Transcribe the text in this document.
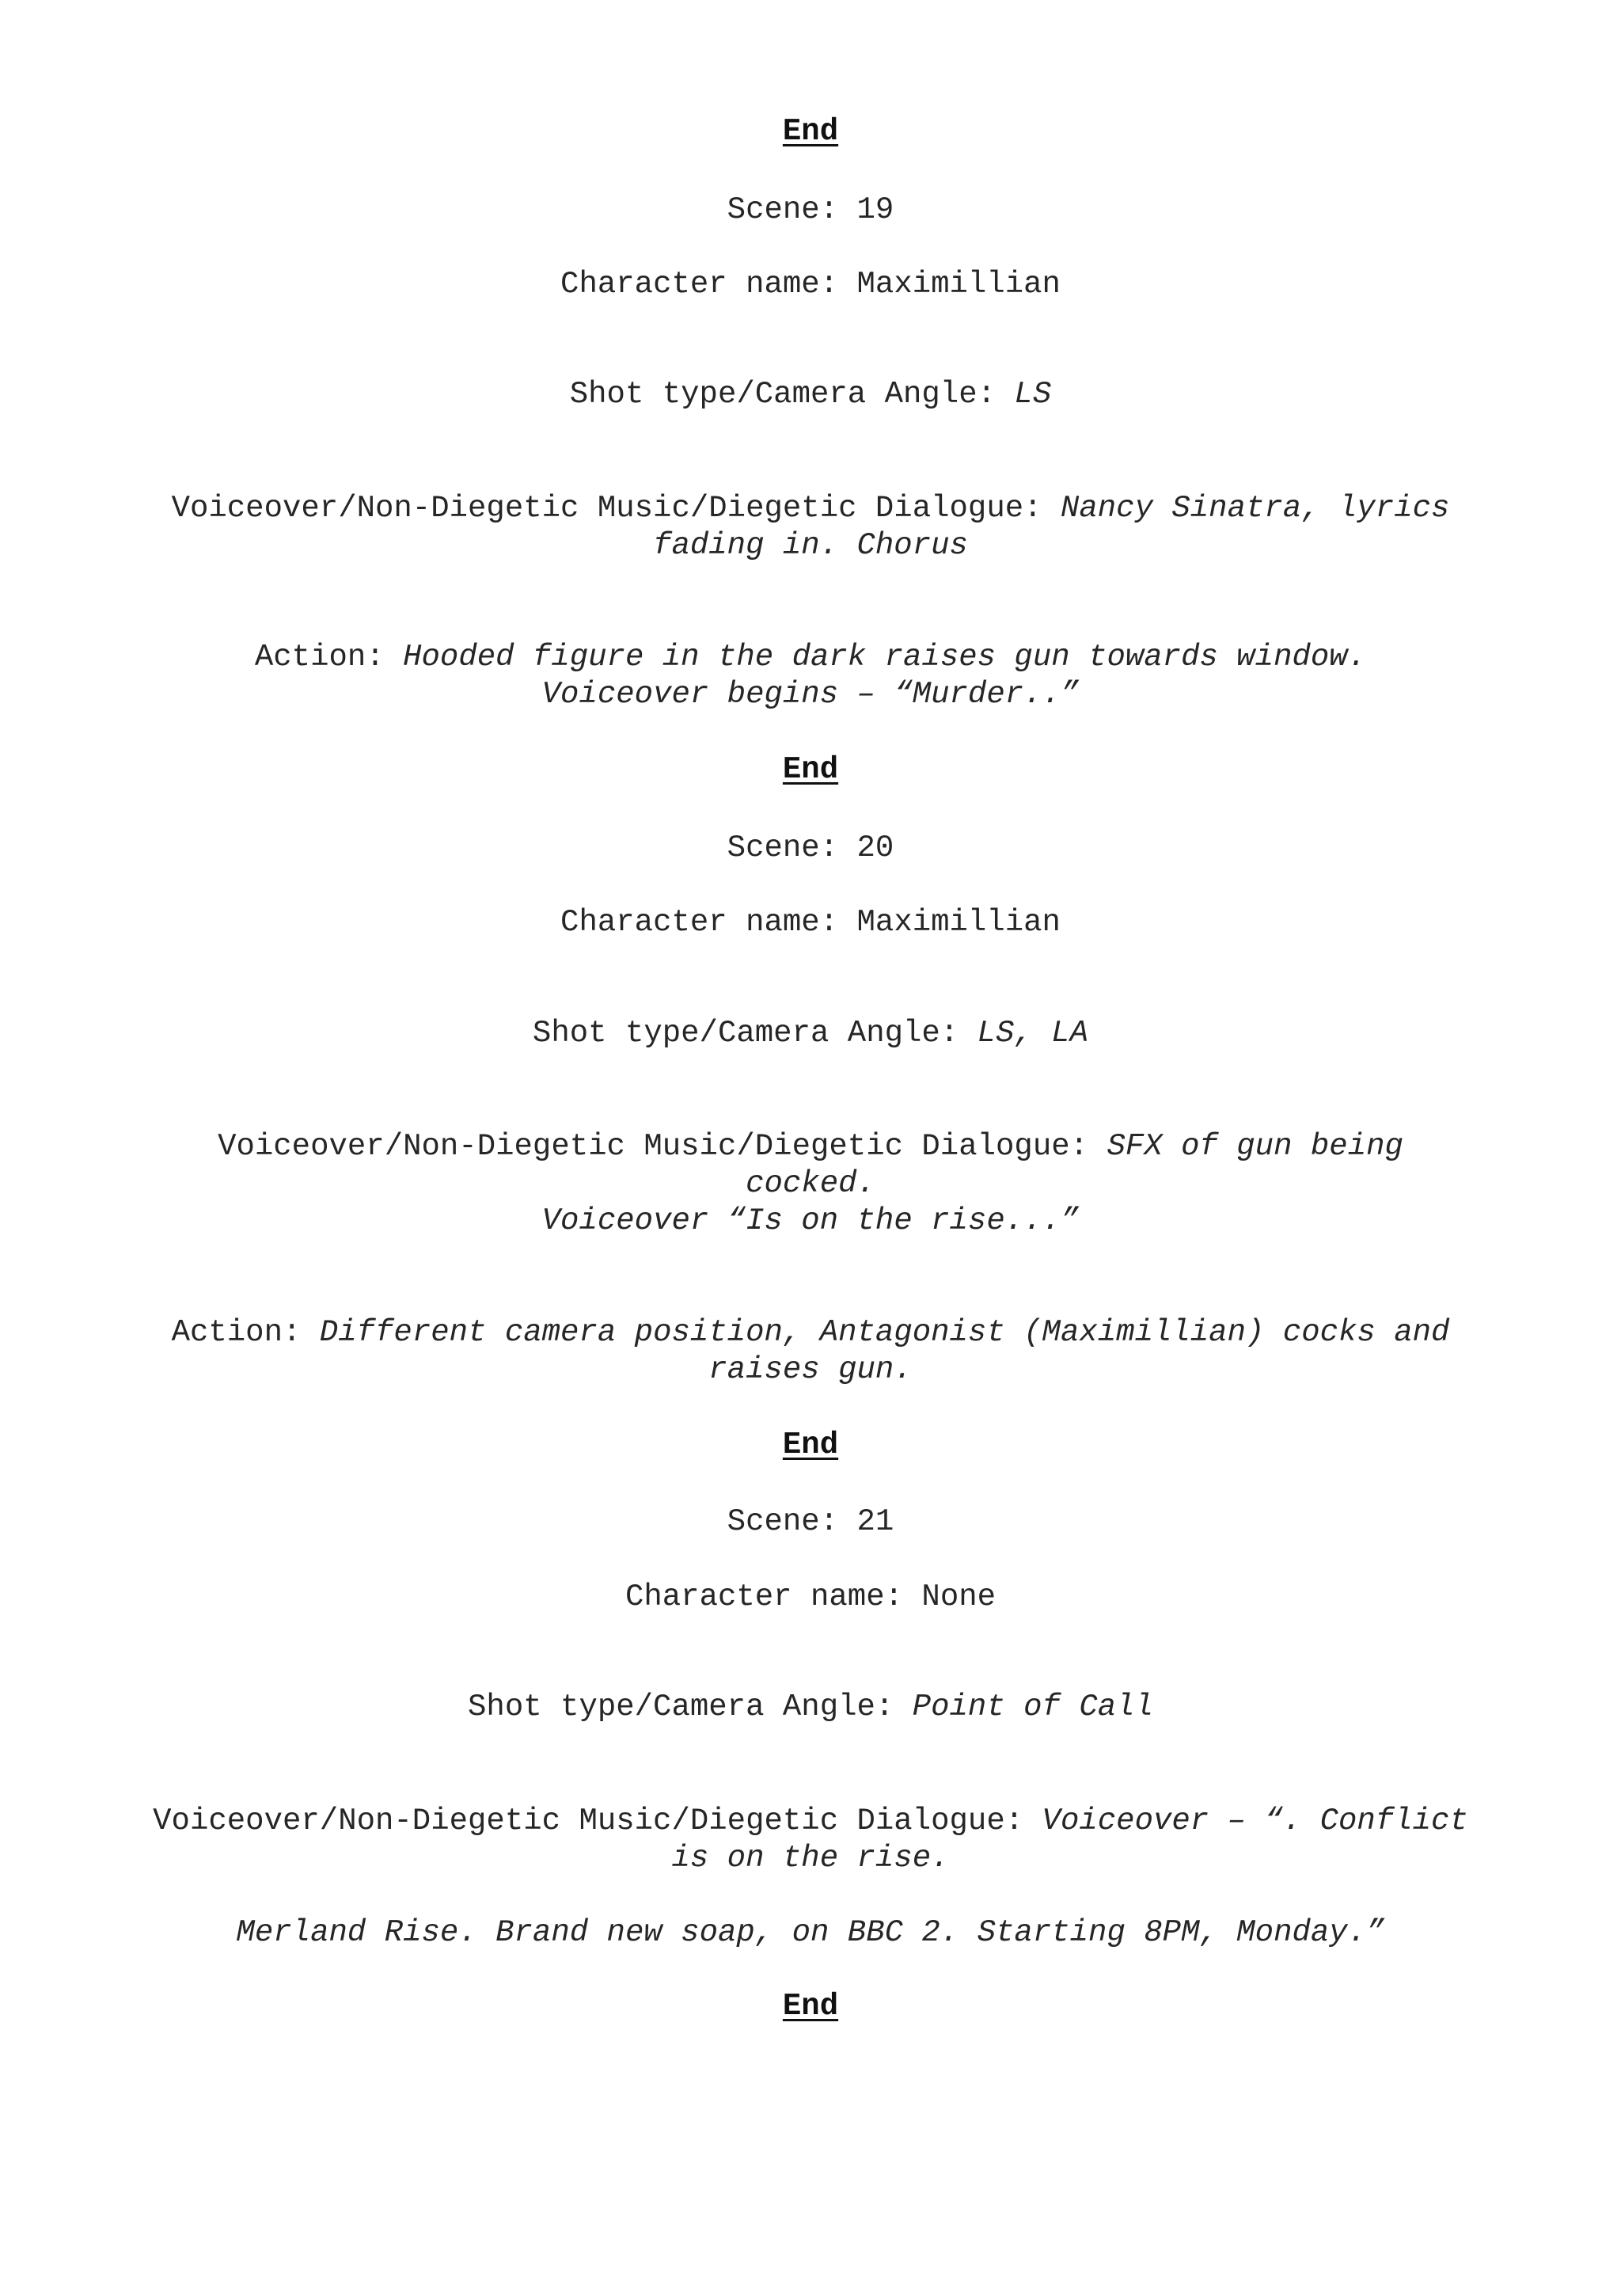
End
Scene: 19
Character name: Maximillian
Shot type/Camera Angle: LS
Voiceover/Non-Diegetic Music/Diegetic Dialogue: Nancy Sinatra, lyrics
fading in. Chorus
Action: Hooded figure in the dark raises gun towards window.
Voiceover begins – “Murder..”
End
Scene: 20
Character name: Maximillian
Shot type/Camera Angle: LS, LA
Voiceover/Non-Diegetic Music/Diegetic Dialogue: SFX of gun being
cocked.
Voiceover “Is on the rise...”
Action: Different camera position, Antagonist (Maximillian) cocks and
raises gun.
End
Scene: 21
Character name: None
Shot type/Camera Angle: Point of Call
Voiceover/Non-Diegetic Music/Diegetic Dialogue: Voiceover – “. Conflict
is on the rise.
Merland Rise. Brand new soap, on BBC 2. Starting 8PM, Monday.”
End
